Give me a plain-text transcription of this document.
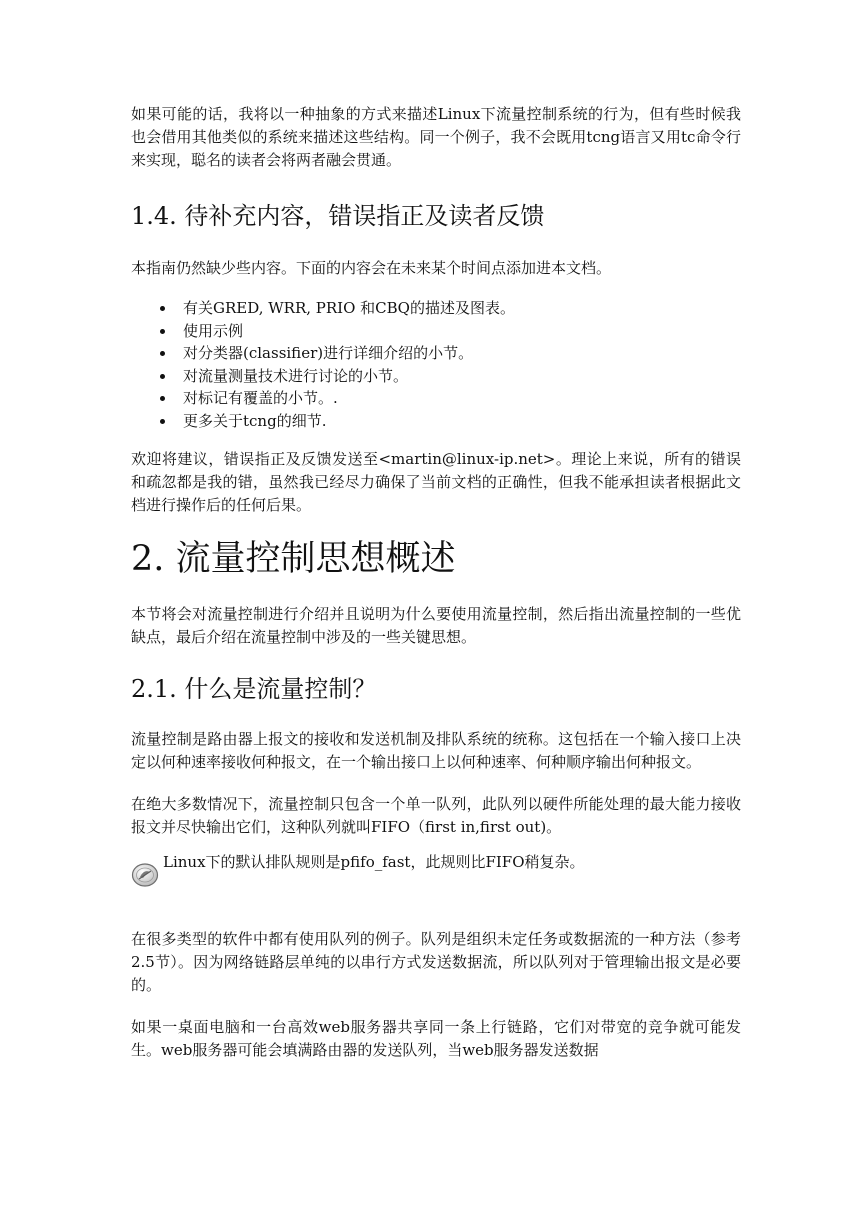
如果可能的话，我将以一种抽象的方式来描述Linux下流量控制系统的行为，但有些时候我也会借用其他类似的系统来描述这些结构。同一个例子，我不会既用tcng语言又用tc命令行来实现，聪名的读者会将两者融会贯通。

1.4. 待补充内容，错误指正及读者反馈

本指南仍然缺少些内容。下面的内容会在未来某个时间点添加进本文档。

有关GRED, WRR, PRIO 和CBQ的描述及图表。
使用示例
对分类器(classifier)进行详细介绍的小节。
对流量测量技术进行讨论的小节。
对标记有覆盖的小节。.
更多关于tcng的细节.

欢迎将建议，错误指正及反馈发送至<martin@linux-ip.net>。理论上来说，所有的错误和疏忽都是我的错，虽然我已经尽力确保了当前文档的正确性，但我不能承担读者根据此文档进行操作后的任何后果。

2. 流量控制思想概述

本节将会对流量控制进行介绍并且说明为什么要使用流量控制，然后指出流量控制的一些优缺点，最后介绍在流量控制中涉及的一些关键思想。

2.1. 什么是流量控制？

流量控制是路由器上报文的接收和发送机制及排队系统的统称。这包括在一个输入接口上决定以何种速率接收何种报文，在一个输出接口上以何种速率、何种顺序输出何种报文。

在绝大多数情况下，流量控制只包含一个单一队列，此队列以硬件所能处理的最大能力接收报文并尽快输出它们，这种队列就叫FIFO（first in,first out)。

Linux下的默认排队规则是pfifo_fast，此规则比FIFO稍复杂。

在很多类型的软件中都有使用队列的例子。队列是组织未定任务或数据流的一种方法（参考2.5节）。因为网络链路层单纯的以串行方式发送数据流，所以队列对于管理输出报文是必要的。

如果一桌面电脑和一台高效web服务器共享同一条上行链路，它们对带宽的竞争就可能发生。web服务器可能会填满路由器的发送队列，当web服务器发送数据
